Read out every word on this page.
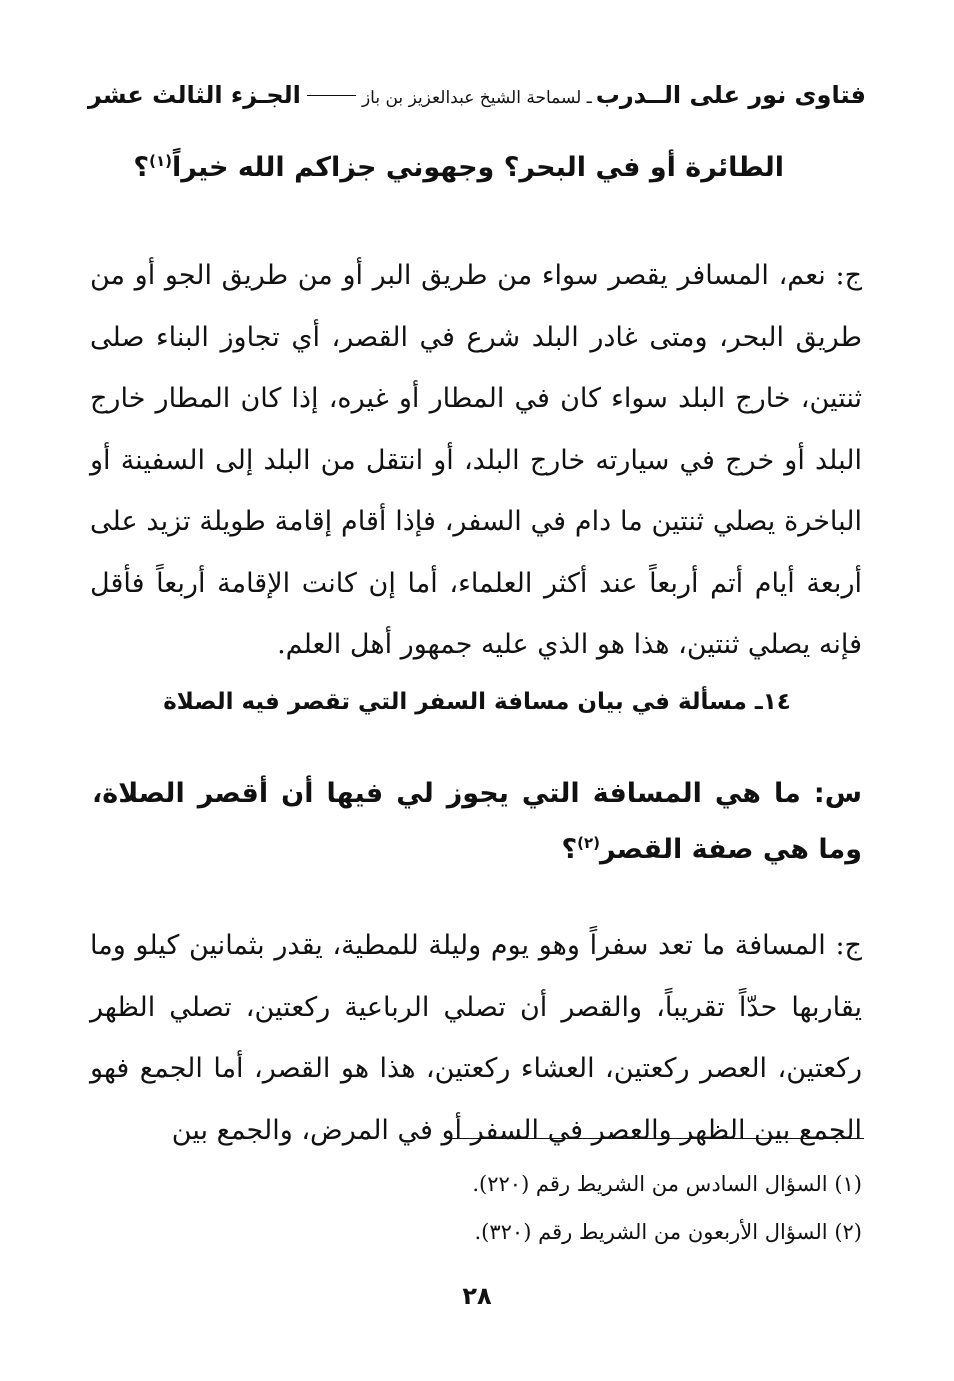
فتاوى نور على الــدرب
ـ لسماحة الشيخ عبدالعزيز بن باز
الجـزء الثالث عشر
الطائرة أو في البحر؟ وجهوني جزاكم الله خيراً$^{(١)}$؟

ج: نعم، المسافر يقصر سواء من طريق البر أو من طريق الجو أو من طريق البحر، ومتى غادر البلد شرع في القصر، أي تجاوز البناء صلى ثنتين، خارج البلد سواء كان في المطار أو غيره، إذا كان المطار خارج البلد أو خرج في سيارته خارج البلد، أو انتقل من البلد إلى السفينة أو الباخرة يصلي ثنتين ما دام في السفر، فإذا أقام إقامة طويلة تزيد على أربعة أيام أتم أربعاً عند أكثر العلماء، أما إن كانت الإقامة أربعاً فأقل فإنه يصلي ثنتين، هذا هو الذي عليه جمهور أهل العلم.

١٤ـ مسألة في بيان مسافة السفر التي تقصر فيه الصلاة
س: ما هي المسافة التي يجوز لي فيها أن أقصر الصلاة، وما هي صفة القصر$^{(٢)}$؟

ج: المسافة ما تعد سفراً وهو يوم وليلة للمطية، يقدر بثمانين كيلو وما يقاربها حدّاً تقريباً، والقصر أن تصلي الرباعية ركعتين، تصلي الظهر ركعتين، العصر ركعتين، العشاء ركعتين، هذا هو القصر، أما الجمع فهو الجمع بين الظهر والعصر في السفر أو في المرض، والجمع بين

(١) السؤال السادس من الشريط رقم (٢٢٠).
(٢) السؤال الأربعون من الشريط رقم (٣٢٠).
٢٨
